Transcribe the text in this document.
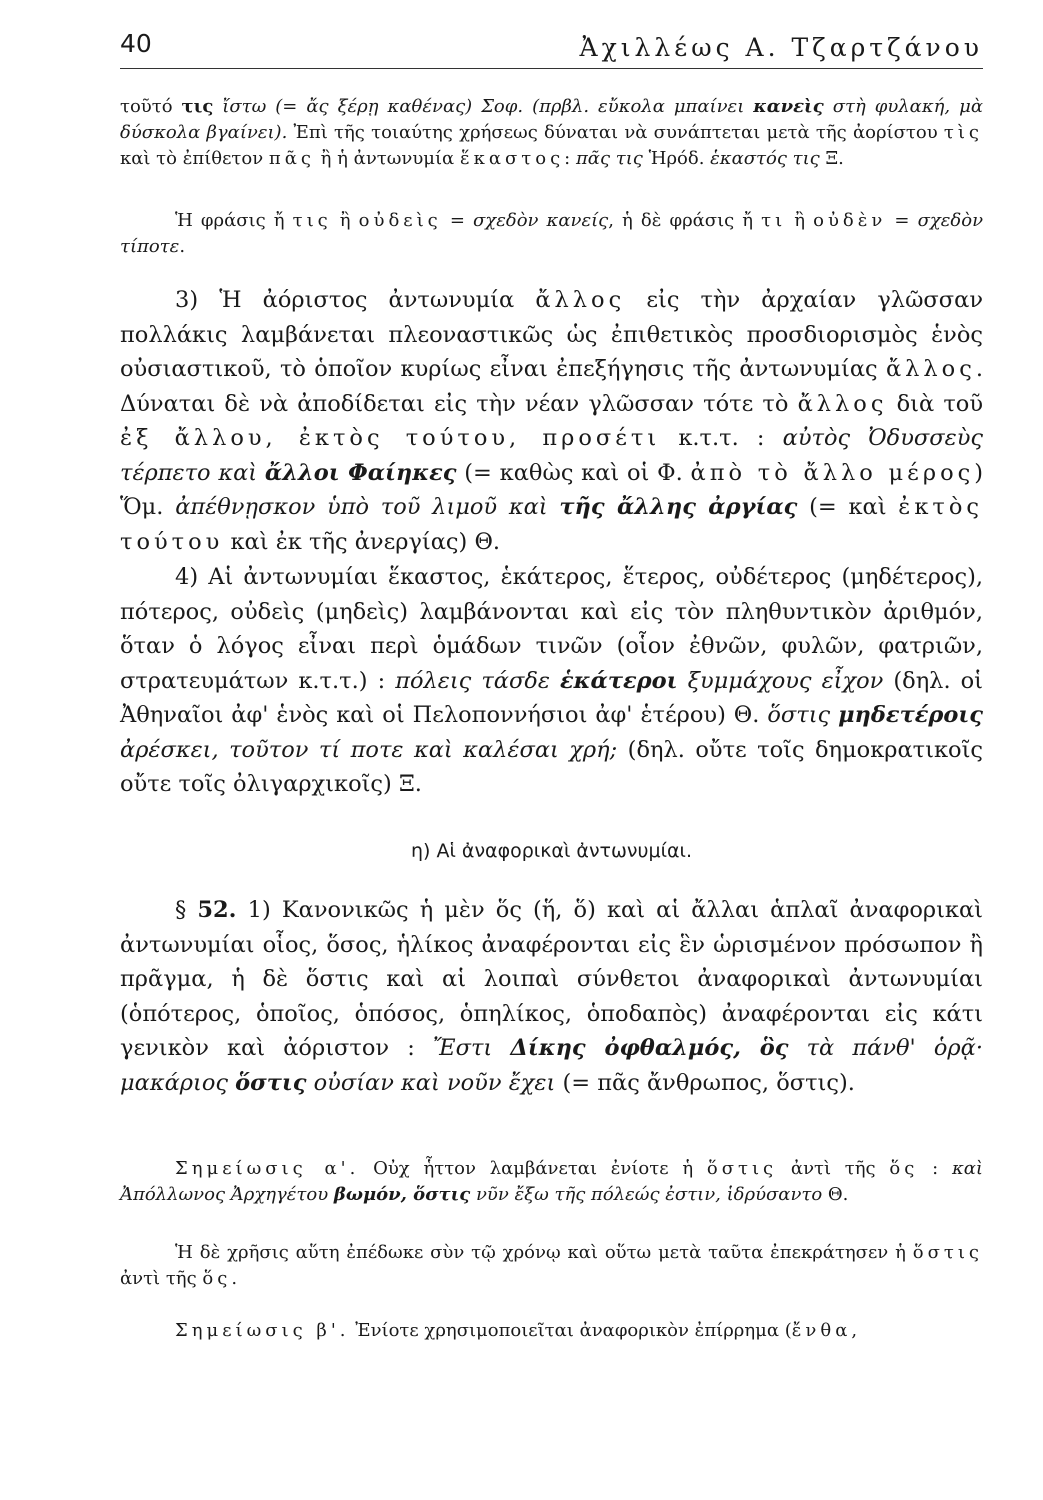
40	Ἀχιλλέως Α. Τζαρτζάνου

τοῦτό τις ἴστω (= ἄς ξέρῃ καθένας) Σοφ. (πρβλ. εὔκολα μπαίνει κανεὶς στὴ φυλακή, μὰ δύσκολα βγαίνει). Ἐπὶ τῆς τοιαύτης χρήσεως δύναται νὰ συνάπτεται μετὰ τῆς ἀορίστου τὶς καὶ τὸ ἐπίθετον πᾶς ἢ ἡ ἀντωνυμία ἕκαστος: πᾶς τις Ἡρόδ. ἑκαστός τις Ξ.

Ἡ φράσις ἤ τις ἢ οὐδεὶς = σχεδὸν κανείς, ἡ δὲ φράσις ἤ τι ἢ οὐδὲν = σχεδὸν τίποτε.

3) Ἡ ἀόριστος ἀντωνυμία ἄλλος εἰς τὴν ἀρχαίαν γλῶσσαν πολλάκις λαμβάνεται πλεοναστικῶς ὡς ἐπιθετικὸς προσδιορισμὸς ἑνὸς οὐσιαστικοῦ, τὸ ὁποῖον κυρίως εἶναι ἐπεξήγησις τῆς ἀντωνυμίας ἄλλος. Δύναται δὲ νὰ ἀποδίδεται εἰς τὴν νέαν γλῶσσαν τότε τὸ ἄλλος διὰ τοῦ ἐξ ἄλλου, ἐκτὸς τούτου, προσέτι κ.τ.τ. : αὐτὸς Ὀδυσσεὺς τέρπετο καὶ ἄλλοι Φαίηκες (= καθὼς καὶ οἱ Φ. ἀπὸ τὸ ἄλλο μέρος) Ὅμ. ἀπέθνῃσκον ὑπὸ τοῦ λιμοῦ καὶ τῆς ἄλλης ἀργίας (= καὶ ἐκτὸς τούτου καὶ ἐκ τῆς ἀνεργίας) Θ.

4) Αἱ ἀντωνυμίαι ἕκαστος, ἑκάτερος, ἕτερος, οὐδέτερος (μηδέτερος), πότερος, οὐδεὶς (μηδεὶς) λαμβάνονται καὶ εἰς τὸν πληθυντικὸν ἀριθμόν, ὅταν ὁ λόγος εἶναι περὶ ὁμάδων τινῶν (οἷον ἐθνῶν, φυλῶν, φατριῶν, στρατευμάτων κ.τ.τ.) : πόλεις τάσδε ἑκάτεροι ξυμμάχους εἶχον (δηλ. οἱ Ἀθηναῖοι ἀφ' ἑνὸς καὶ οἱ Πελοποννήσιοι ἀφ' ἑτέρου) Θ. ὅστις μηδετέροις ἀρέσκει, τοῦτον τί ποτε καὶ καλέσαι χρή; (δηλ. οὔτε τοῖς δημοκρατικοῖς οὔτε τοῖς ὀλιγαρχικοῖς) Ξ.

η) Αἱ ἀναφορικαὶ ἀντωνυμίαι.

§ 52. 1) Κανονικῶς ἡ μὲν ὅς (ἥ, ὅ) καὶ αἱ ἄλλαι ἁπλαῖ ἀναφορικαὶ ἀντωνυμίαι οἷος, ὅσος, ἡλίκος ἀναφέρονται εἰς ἓν ὡρισμένον πρόσωπον ἢ πρᾶγμα, ἡ δὲ ὅστις καὶ αἱ λοιπαὶ σύνθετοι ἀναφορικαὶ ἀντωνυμίαι (ὁπότερος, ὁποῖος, ὁπόσος, ὁπηλίκος, ὁποδαπὸς) ἀναφέρονται εἰς κάτι γενικὸν καὶ ἀόριστον : Ἔστι Δίκης ὀφθαλμός, ὃς τὰ πάνθ' ὁρᾷ· μακάριος ὅστις οὐσίαν καὶ νοῦν ἔχει (= πᾶς ἄνθρωπος, ὅστις).

Σημείωσις α'. Οὐχ ἧττον λαμβάνεται ἐνίοτε ἡ ὅστις ἀντὶ τῆς ὅς : καὶ Ἀπόλλωνος Ἀρχηγέτου βωμόν, ὅστις νῦν ἔξω τῆς πόλεώς ἐστιν, ἱδρύσαντο Θ.

Ἡ δὲ χρῆσις αὕτη ἐπέδωκε σὺν τῷ χρόνῳ καὶ οὕτω μετὰ ταῦτα ἐπεκράτησεν ἡ ὅστις ἀντὶ τῆς ὅς.

Σημείωσις β'. Ἐνίοτε χρησιμοποιεῖται ἀναφορικὸν ἐπίρρημα (ἔνθα,
